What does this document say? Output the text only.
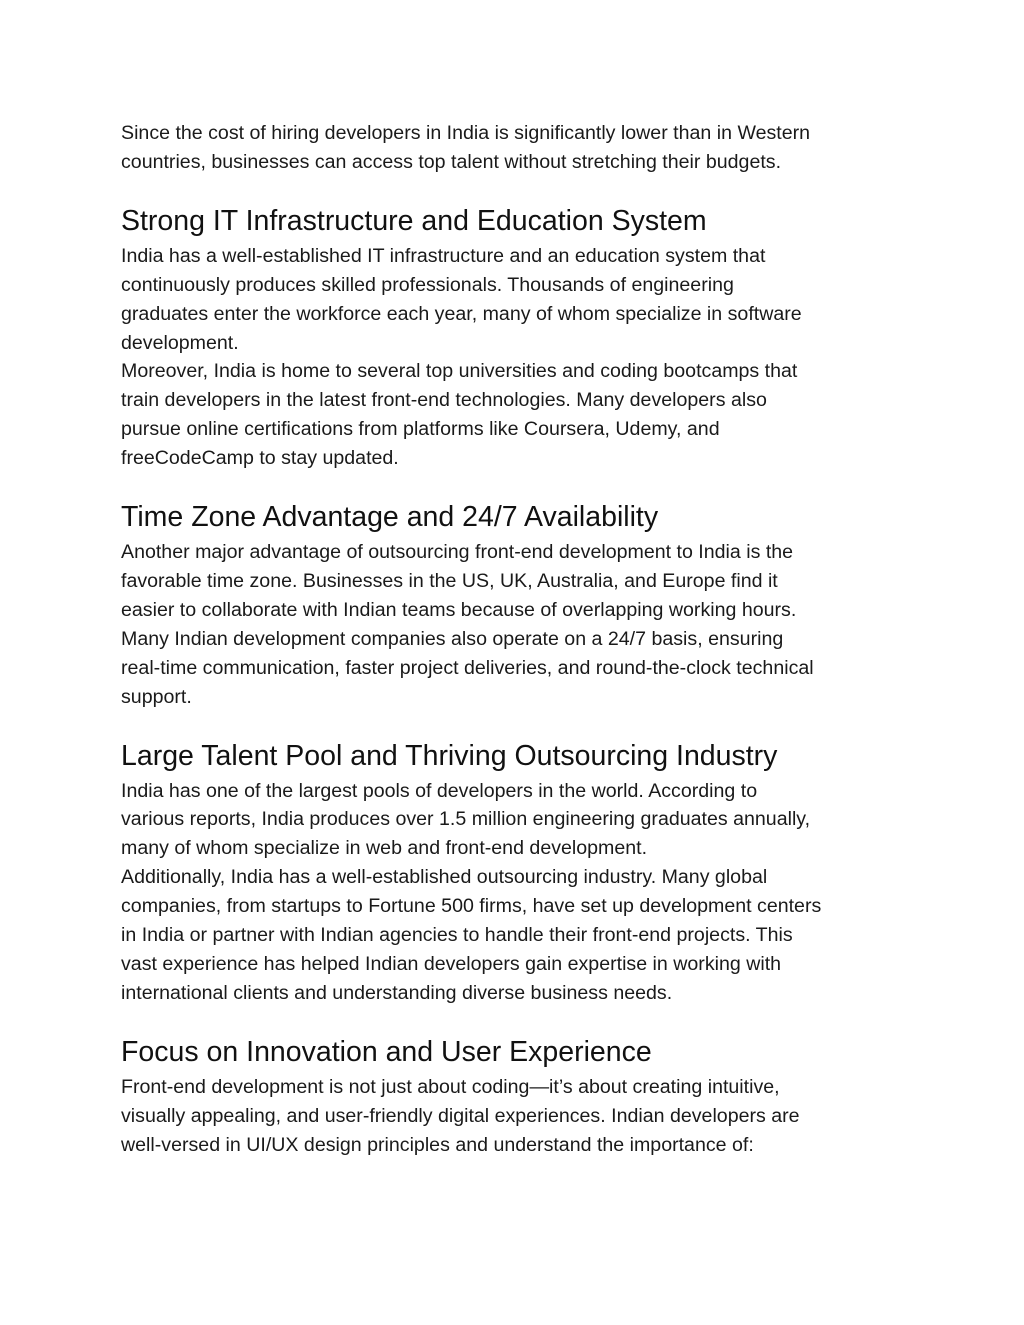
Since the cost of hiring developers in India is significantly lower than in Western
countries, businesses can access top talent without stretching their budgets.

Strong IT Infrastructure and Education System

India has a well-established IT infrastructure and an education system that
continuously produces skilled professionals. Thousands of engineering
graduates enter the workforce each year, many of whom specialize in software
development.

Moreover, India is home to several top universities and coding bootcamps that
train developers in the latest front-end technologies. Many developers also
pursue online certifications from platforms like Coursera, Udemy, and
freeCodeCamp to stay updated.

Time Zone Advantage and 24/7 Availability

Another major advantage of outsourcing front-end development to India is the
favorable time zone. Businesses in the US, UK, Australia, and Europe find it
easier to collaborate with Indian teams because of overlapping working hours.
Many Indian development companies also operate on a 24/7 basis, ensuring
real-time communication, faster project deliveries, and round-the-clock technical
support.

Large Talent Pool and Thriving Outsourcing Industry

India has one of the largest pools of developers in the world. According to
various reports, India produces over 1.5 million engineering graduates annually,
many of whom specialize in web and front-end development.

Additionally, India has a well-established outsourcing industry. Many global
companies, from startups to Fortune 500 firms, have set up development centers
in India or partner with Indian agencies to handle their front-end projects. This
vast experience has helped Indian developers gain expertise in working with
international clients and understanding diverse business needs.

Focus on Innovation and User Experience

Front-end development is not just about coding—it’s about creating intuitive,
visually appealing, and user-friendly digital experiences. Indian developers are
well-versed in UI/UX design principles and understand the importance of:
